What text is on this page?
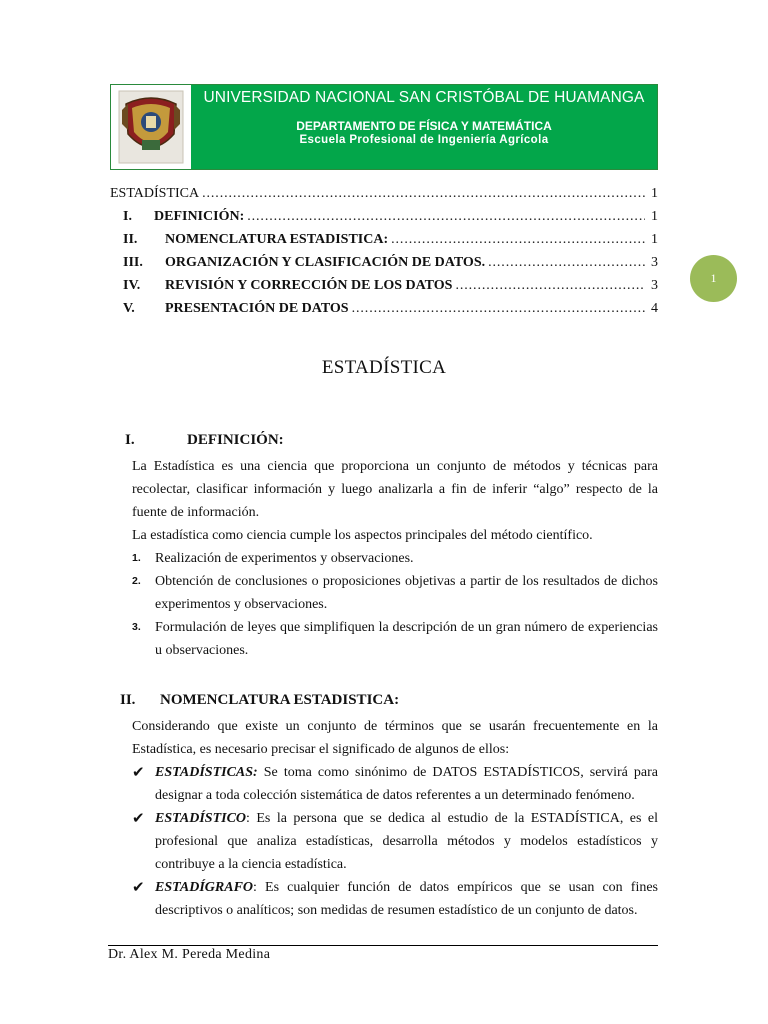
UNIVERSIDAD NACIONAL SAN CRISTÓBAL DE HUAMANGA
DEPARTAMENTO DE FÍSICA Y MATEMÁTICA
Escuela Profesional de Ingeniería Agrícola
ESTADÍSTICA . . .	1
I.	DEFINICIÓN: . . .	1
II.	NOMENCLATURA ESTADISTICA: . . .	1
III.	ORGANIZACIÓN Y CLASIFICACIÓN DE DATOS. . . .	3
IV.	REVISIÓN Y CORRECCIÓN DE LOS DATOS . . .	3
V.	PRESENTACIÓN DE DATOS . . .	4
1
ESTADÍSTICA
I.	DEFINICIÓN:
La Estadística es una ciencia que proporciona un conjunto de métodos y técnicas para recolectar, clasificar información y luego analizarla a fin de inferir “algo” respecto de la fuente de información.
La estadística como ciencia cumple los aspectos principales del método científico.
1.	Realización de experimentos y observaciones.
2.	Obtención de conclusiones o proposiciones objetivas a partir de los resultados de dichos experimentos y observaciones.
3.	Formulación de leyes que simplifiquen la descripción de un gran número de experiencias u observaciones.
II. NOMENCLATURA ESTADISTICA:
Considerando que existe un conjunto de términos que se usarán frecuentemente en la Estadística, es necesario precisar el significado de algunos de ellos:
✔ ESTADÍSTICAS: Se toma como sinónimo de DATOS ESTADÍSTICOS, servirá para designar a toda colección sistemática de datos referentes a un determinado fenómeno.
✔ ESTADÍSTICO: Es la persona que se dedica al estudio de la ESTADÍSTICA, es el profesional que analiza estadísticas, desarrolla métodos y modelos estadísticos y contribuye a la ciencia estadística.
✔ ESTADÍGRAFO: Es cualquier función de datos empíricos que se usan con fines descriptivos o analíticos; son medidas de resumen estadístico de un conjunto de datos.
Dr. Alex M. Pereda Medina
